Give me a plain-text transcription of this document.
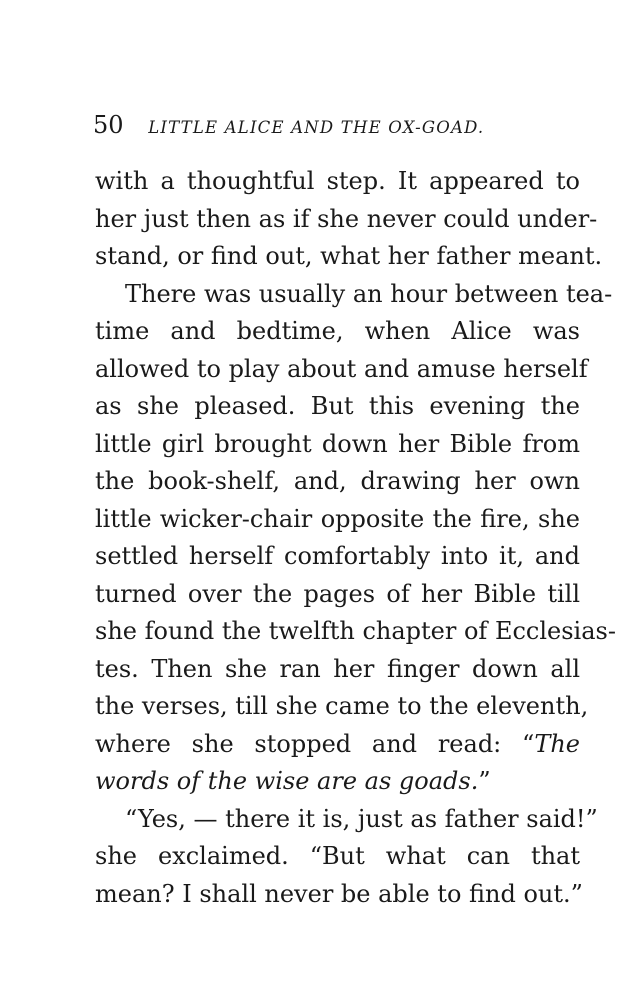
50 LITTLE ALICE AND THE OX-GOAD.
with a thoughtful step. It appeared to
her just then as if she never could under-
stand, or find out, what her father meant.
There was usually an hour between tea-
time and bedtime, when Alice was
allowed to play about and amuse herself
as she pleased. But this evening the
little girl brought down her Bible from
the book-shelf, and, drawing her own
little wicker-chair opposite the fire, she
settled herself comfortably into it, and
turned over the pages of her Bible till
she found the twelfth chapter of Ecclesias-
tes. Then she ran her finger down all
the verses, till she came to the eleventh,
where she stopped and read: “The
words of the wise are as goads.”
“Yes, — there it is, just as father said!”
she exclaimed. “But what can that
mean? I shall never be able to find out.”
